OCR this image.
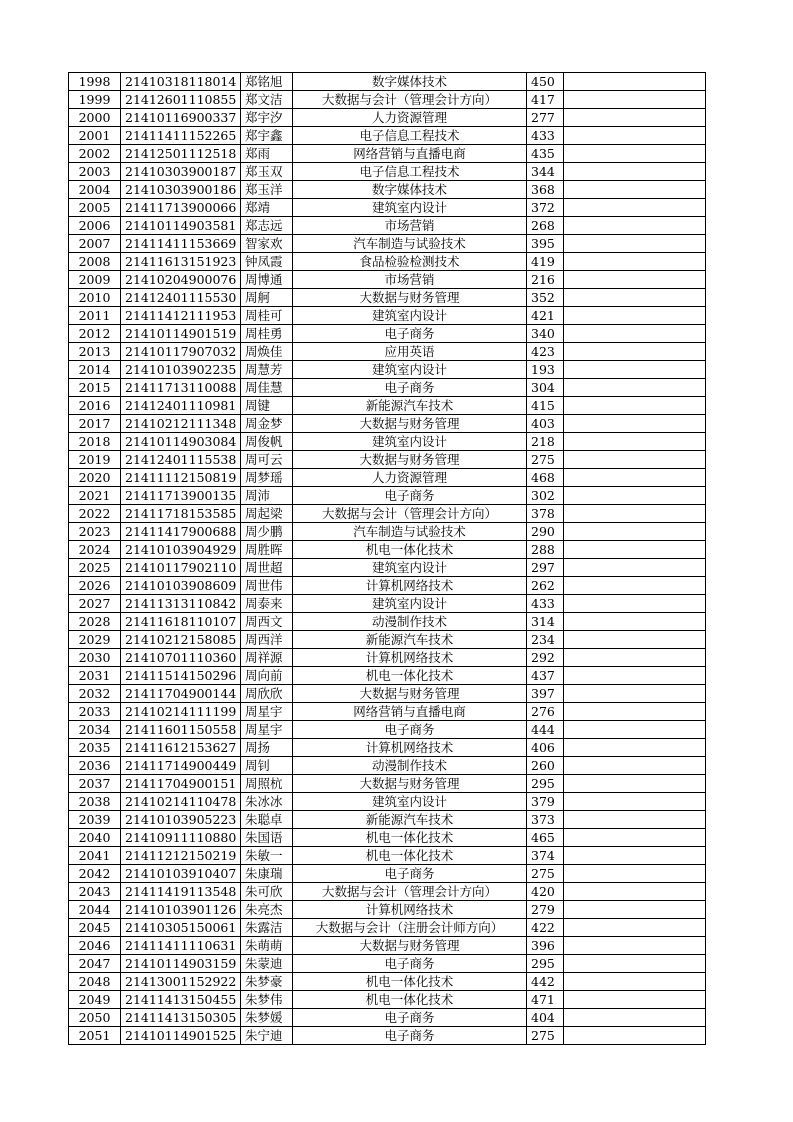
1998	21410318118014	郑铭旭	数字媒体技术	450	
1999	21412601110855	郑文洁	大数据与会计（管理会计方向）	417	
2000	21410116900337	郑宇汐	人力资源管理	277	
2001	21411411152265	郑宇鑫	电子信息工程技术	433	
2002	21412501112518	郑雨	网络营销与直播电商	435	
2003	21410303900187	郑玉双	电子信息工程技术	344	
2004	21410303900186	郑玉洋	数字媒体技术	368	
2005	21411713900066	郑靖	建筑室内设计	372	
2006	21410114903581	郑志远	市场营销	268	
2007	21411411153669	智家欢	汽车制造与试验技术	395	
2008	21411613151923	钟凤霞	食品检验检测技术	419	
2009	21410204900076	周博通	市场营销	216	
2010	21412401115530	周舸	大数据与财务管理	352	
2011	21411412111953	周桂可	建筑室内设计	421	
2012	21410114901519	周桂勇	电子商务	340	
2013	21410117907032	周焕佳	应用英语	423	
2014	21410103902235	周慧芳	建筑室内设计	193	
2015	21411713110088	周佳慧	电子商务	304	
2016	21412401110981	周键	新能源汽车技术	415	
2017	21410212111348	周金梦	大数据与财务管理	403	
2018	21410114903084	周俊帆	建筑室内设计	218	
2019	21412401115538	周可云	大数据与财务管理	275	
2020	21411112150819	周梦瑶	人力资源管理	468	
2021	21411713900135	周沛	电子商务	302	
2022	21411718153585	周起梁	大数据与会计（管理会计方向）	378	
2023	21411417900688	周少鹏	汽车制造与试验技术	290	
2024	21410103904929	周胜晖	机电一体化技术	288	
2025	21410117902110	周世超	建筑室内设计	297	
2026	21410103908609	周世伟	计算机网络技术	262	
2027	21411313110842	周泰来	建筑室内设计	433	
2028	21411618110107	周西文	动漫制作技术	314	
2029	21410212158085	周西洋	新能源汽车技术	234	
2030	21410701110360	周祥源	计算机网络技术	292	
2031	21411514150296	周向前	机电一体化技术	437	
2032	21411704900144	周欣欣	大数据与财务管理	397	
2033	21410214111199	周星宇	网络营销与直播电商	276	
2034	21411601150558	周星宇	电子商务	444	
2035	21411612153627	周扬	计算机网络技术	406	
2036	21411714900449	周钊	动漫制作技术	260	
2037	21411704900151	周照杭	大数据与财务管理	295	
2038	21410214110478	朱冰冰	建筑室内设计	379	
2039	21410103905223	朱聪卓	新能源汽车技术	373	
2040	21410911110880	朱国语	机电一体化技术	465	
2041	21411212150219	朱敏一	机电一体化技术	374	
2042	21410103910407	朱康瑞	电子商务	275	
2043	21411419113548	朱可欣	大数据与会计（管理会计方向）	420	
2044	21410103901126	朱亮杰	计算机网络技术	279	
2045	21410305150061	朱露洁	大数据与会计（注册会计师方向）	422	
2046	21411411110631	朱萌萌	大数据与财务管理	396	
2047	21410114903159	朱蒙迪	电子商务	295	
2048	21413001152922	朱梦豪	机电一体化技术	442	
2049	21411413150455	朱梦伟	机电一体化技术	471	
2050	21411413150305	朱梦媛	电子商务	404	
2051	21410114901525	朱宁迪	电子商务	275	
